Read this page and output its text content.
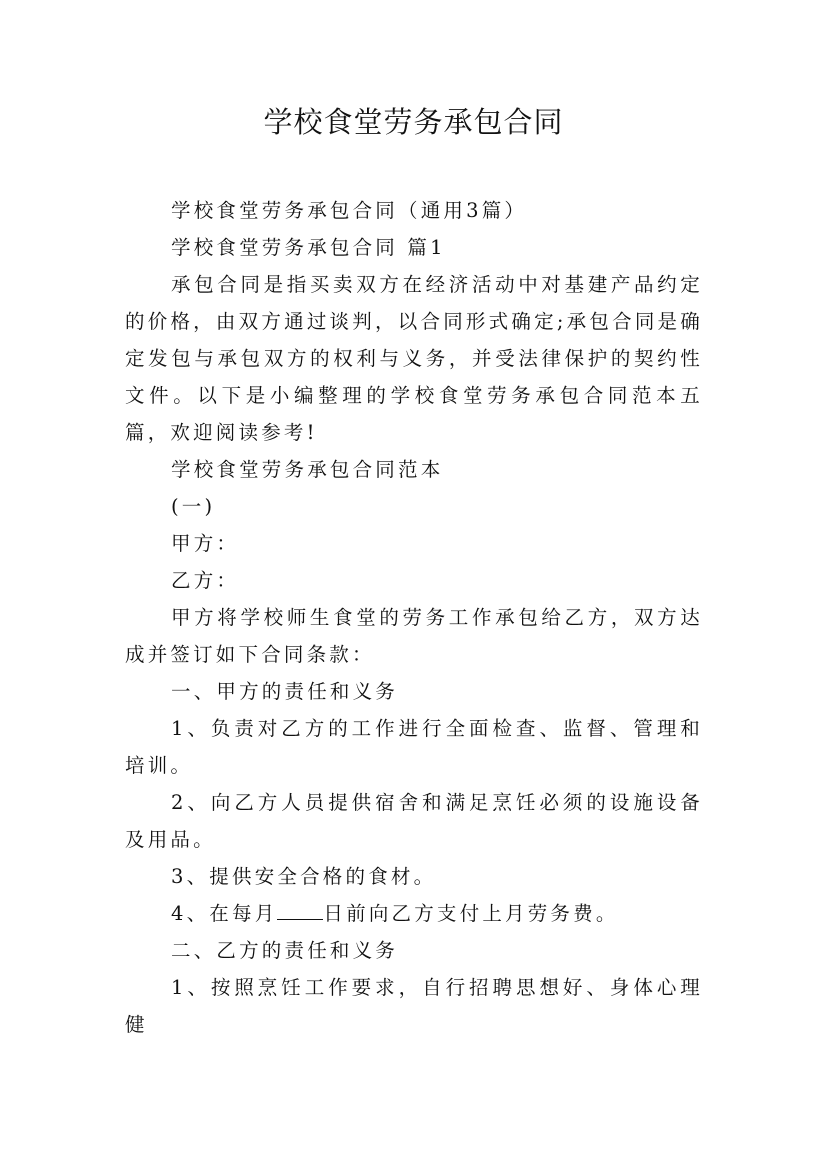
学校食堂劳务承包合同

学校食堂劳务承包合同（通用3篇）

学校食堂劳务承包合同 篇1

承包合同是指买卖双方在经济活动中对基建产品约定的价格，由双方通过谈判，以合同形式确定;承包合同是确定发包与承包双方的权利与义务，并受法律保护的契约性文件。以下是小编整理的学校食堂劳务承包合同范本五篇，欢迎阅读参考!

学校食堂劳务承包合同范本

(一)

甲方：

乙方：

甲方将学校师生食堂的劳务工作承包给乙方，双方达成并签订如下合同条款：

一、甲方的责任和义务

1、负责对乙方的工作进行全面检查、监督、管理和培训。

2、向乙方人员提供宿舍和满足烹饪必须的设施设备及用品。

3、提供安全合格的食材。

4、在每月 日前向乙方支付上月劳务费。

二、乙方的责任和义务

1、按照烹饪工作要求，自行招聘思想好、身体心理健
